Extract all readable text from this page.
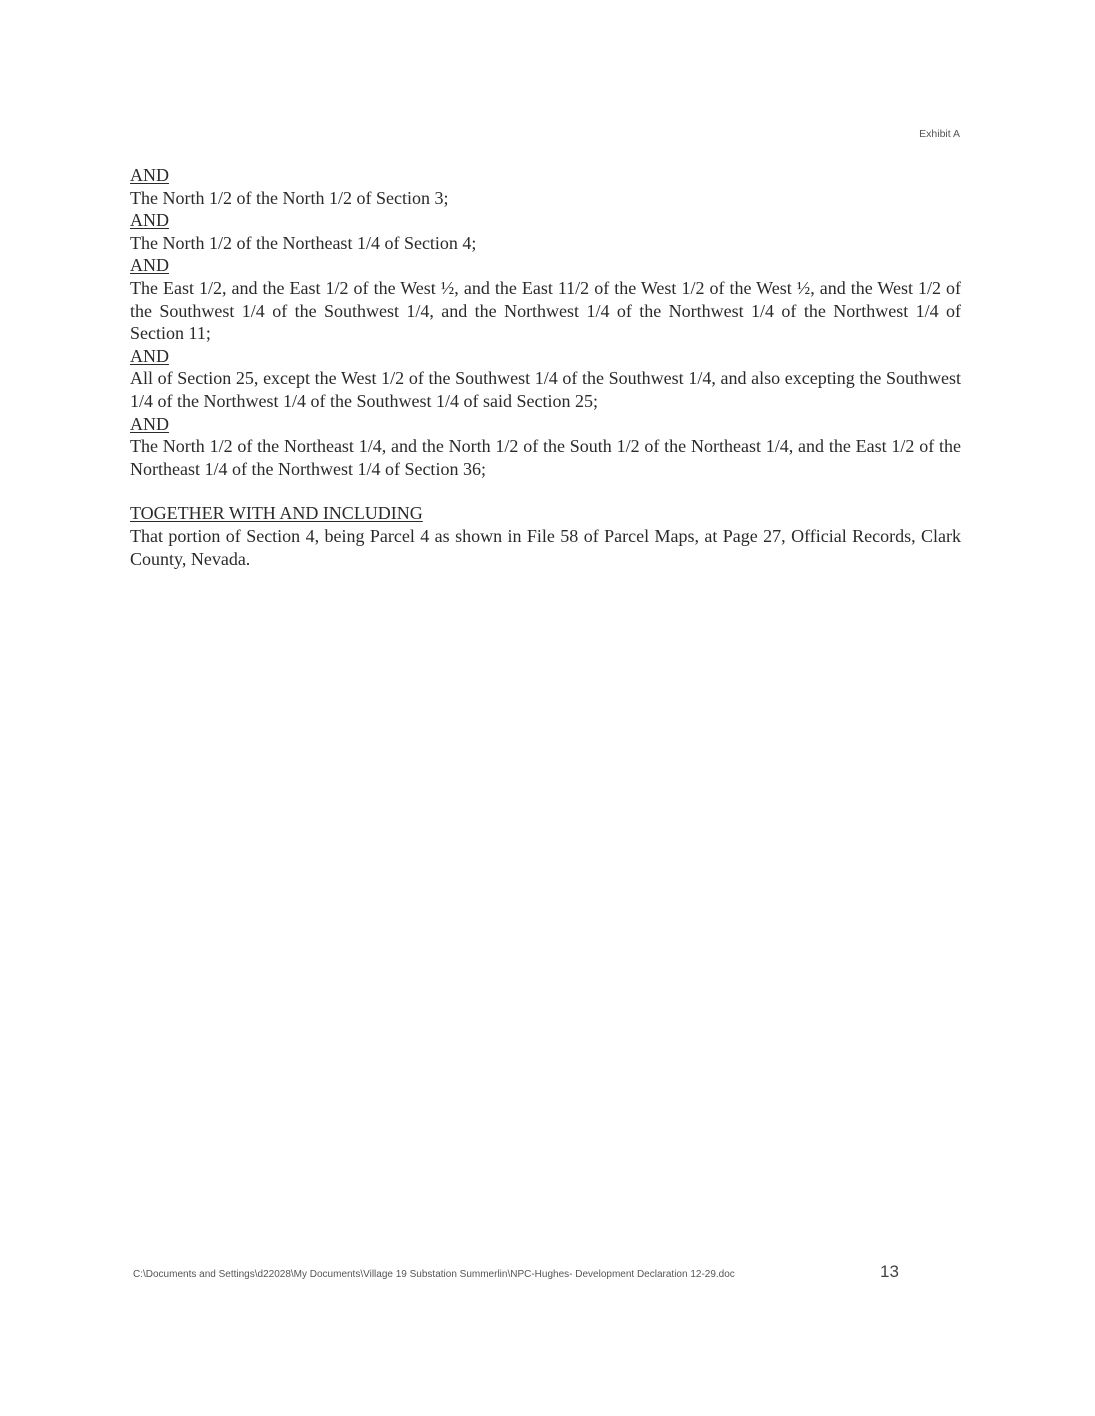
Exhibit A
AND
The North 1/2 of the North 1/2 of Section 3;
AND
The North 1/2 of the Northeast 1/4 of Section 4;
AND
The East 1/2, and the East 1/2 of the West ½, and the East 11/2 of the West 1/2 of the West ½, and the West 1/2 of the Southwest 1/4 of the Southwest 1/4, and the Northwest 1/4 of the Northwest 1/4 of the Northwest 1/4 of Section 11;
AND
All of Section 25, except the West 1/2 of the Southwest 1/4 of the Southwest 1/4, and also excepting the Southwest 1/4 of the Northwest 1/4 of the Southwest 1/4 of said Section 25;
AND
The North 1/2 of the Northeast 1/4, and the North 1/2 of the South 1/2 of the Northeast 1/4, and the East 1/2 of the Northeast 1/4 of the Northwest 1/4 of Section 36;
TOGETHER WITH AND INCLUDING
That portion of Section 4, being Parcel 4 as shown in File 58 of Parcel Maps, at Page 27, Official Records, Clark County, Nevada.
C:\Documents and Settings\d22028\My Documents\Village 19 Substation Summerlin\NPC-Hughes- Development Declaration 12-29.doc	13
